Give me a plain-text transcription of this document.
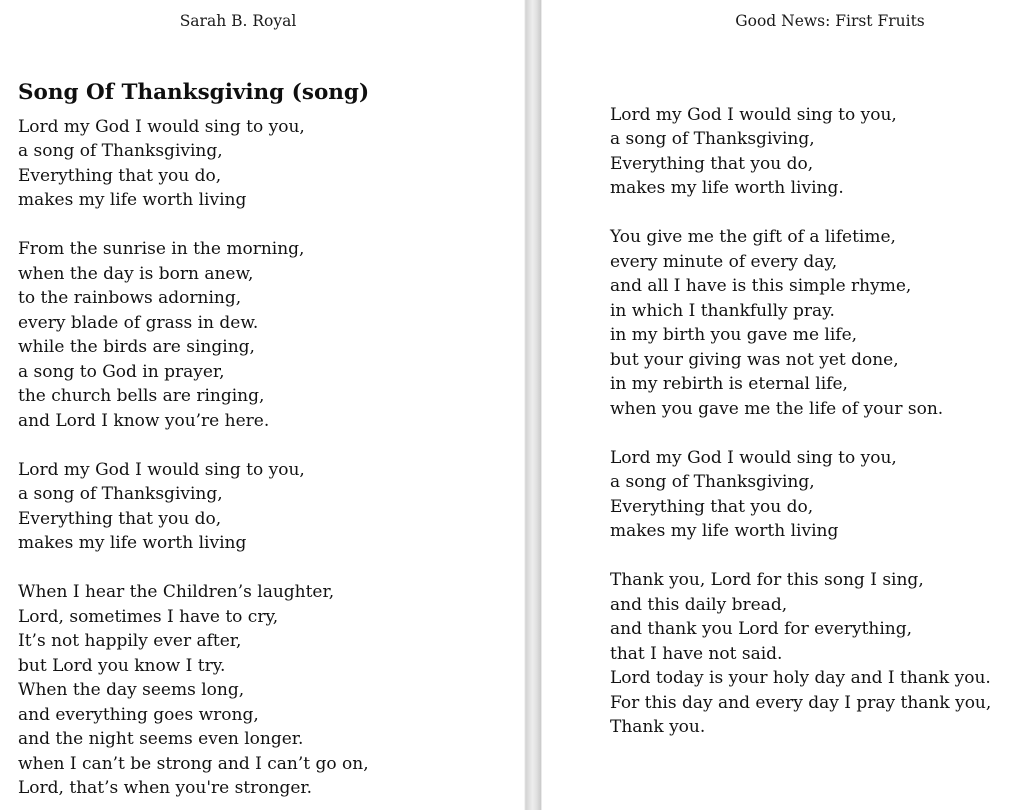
Sarah B. Royal
Song Of Thanksgiving (song)

Lord my God I would sing to you,
a song of Thanksgiving,
Everything that you do,
makes my life worth living

From the sunrise in the morning,
when the day is born anew,
to the rainbows adorning,
every blade of grass in dew.
while the birds are singing,
a song to God in prayer,
the church bells are ringing,
and Lord I know you’re here.

Lord my God I would sing to you,
a song of Thanksgiving,
Everything that you do,
makes my life worth living

When I hear the Children’s laughter,
Lord, sometimes I have to cry,
It’s not happily ever after,
but Lord you know I try.
When the day seems long,
and everything goes wrong,
and the night seems even longer.
when I can’t be strong and I can’t go on,
Lord, that’s when you're stronger.

Good News: First Fruits

Lord my God I would sing to you,
a song of Thanksgiving,
Everything that you do,
makes my life worth living.

You give me the gift of a lifetime,
every minute of every day,
and all I have is this simple rhyme,
in which I thankfully pray.
in my birth you gave me life,
but your giving was not yet done,
in my rebirth is eternal life,
when you gave me the life of your son.

Lord my God I would sing to you,
a song of Thanksgiving,
Everything that you do,
makes my life worth living

Thank you, Lord for this song I sing,
and this daily bread,
and thank you Lord for everything,
that I have not said.
Lord today is your holy day and I thank you.
For this day and every day I pray thank you,
Thank you.
